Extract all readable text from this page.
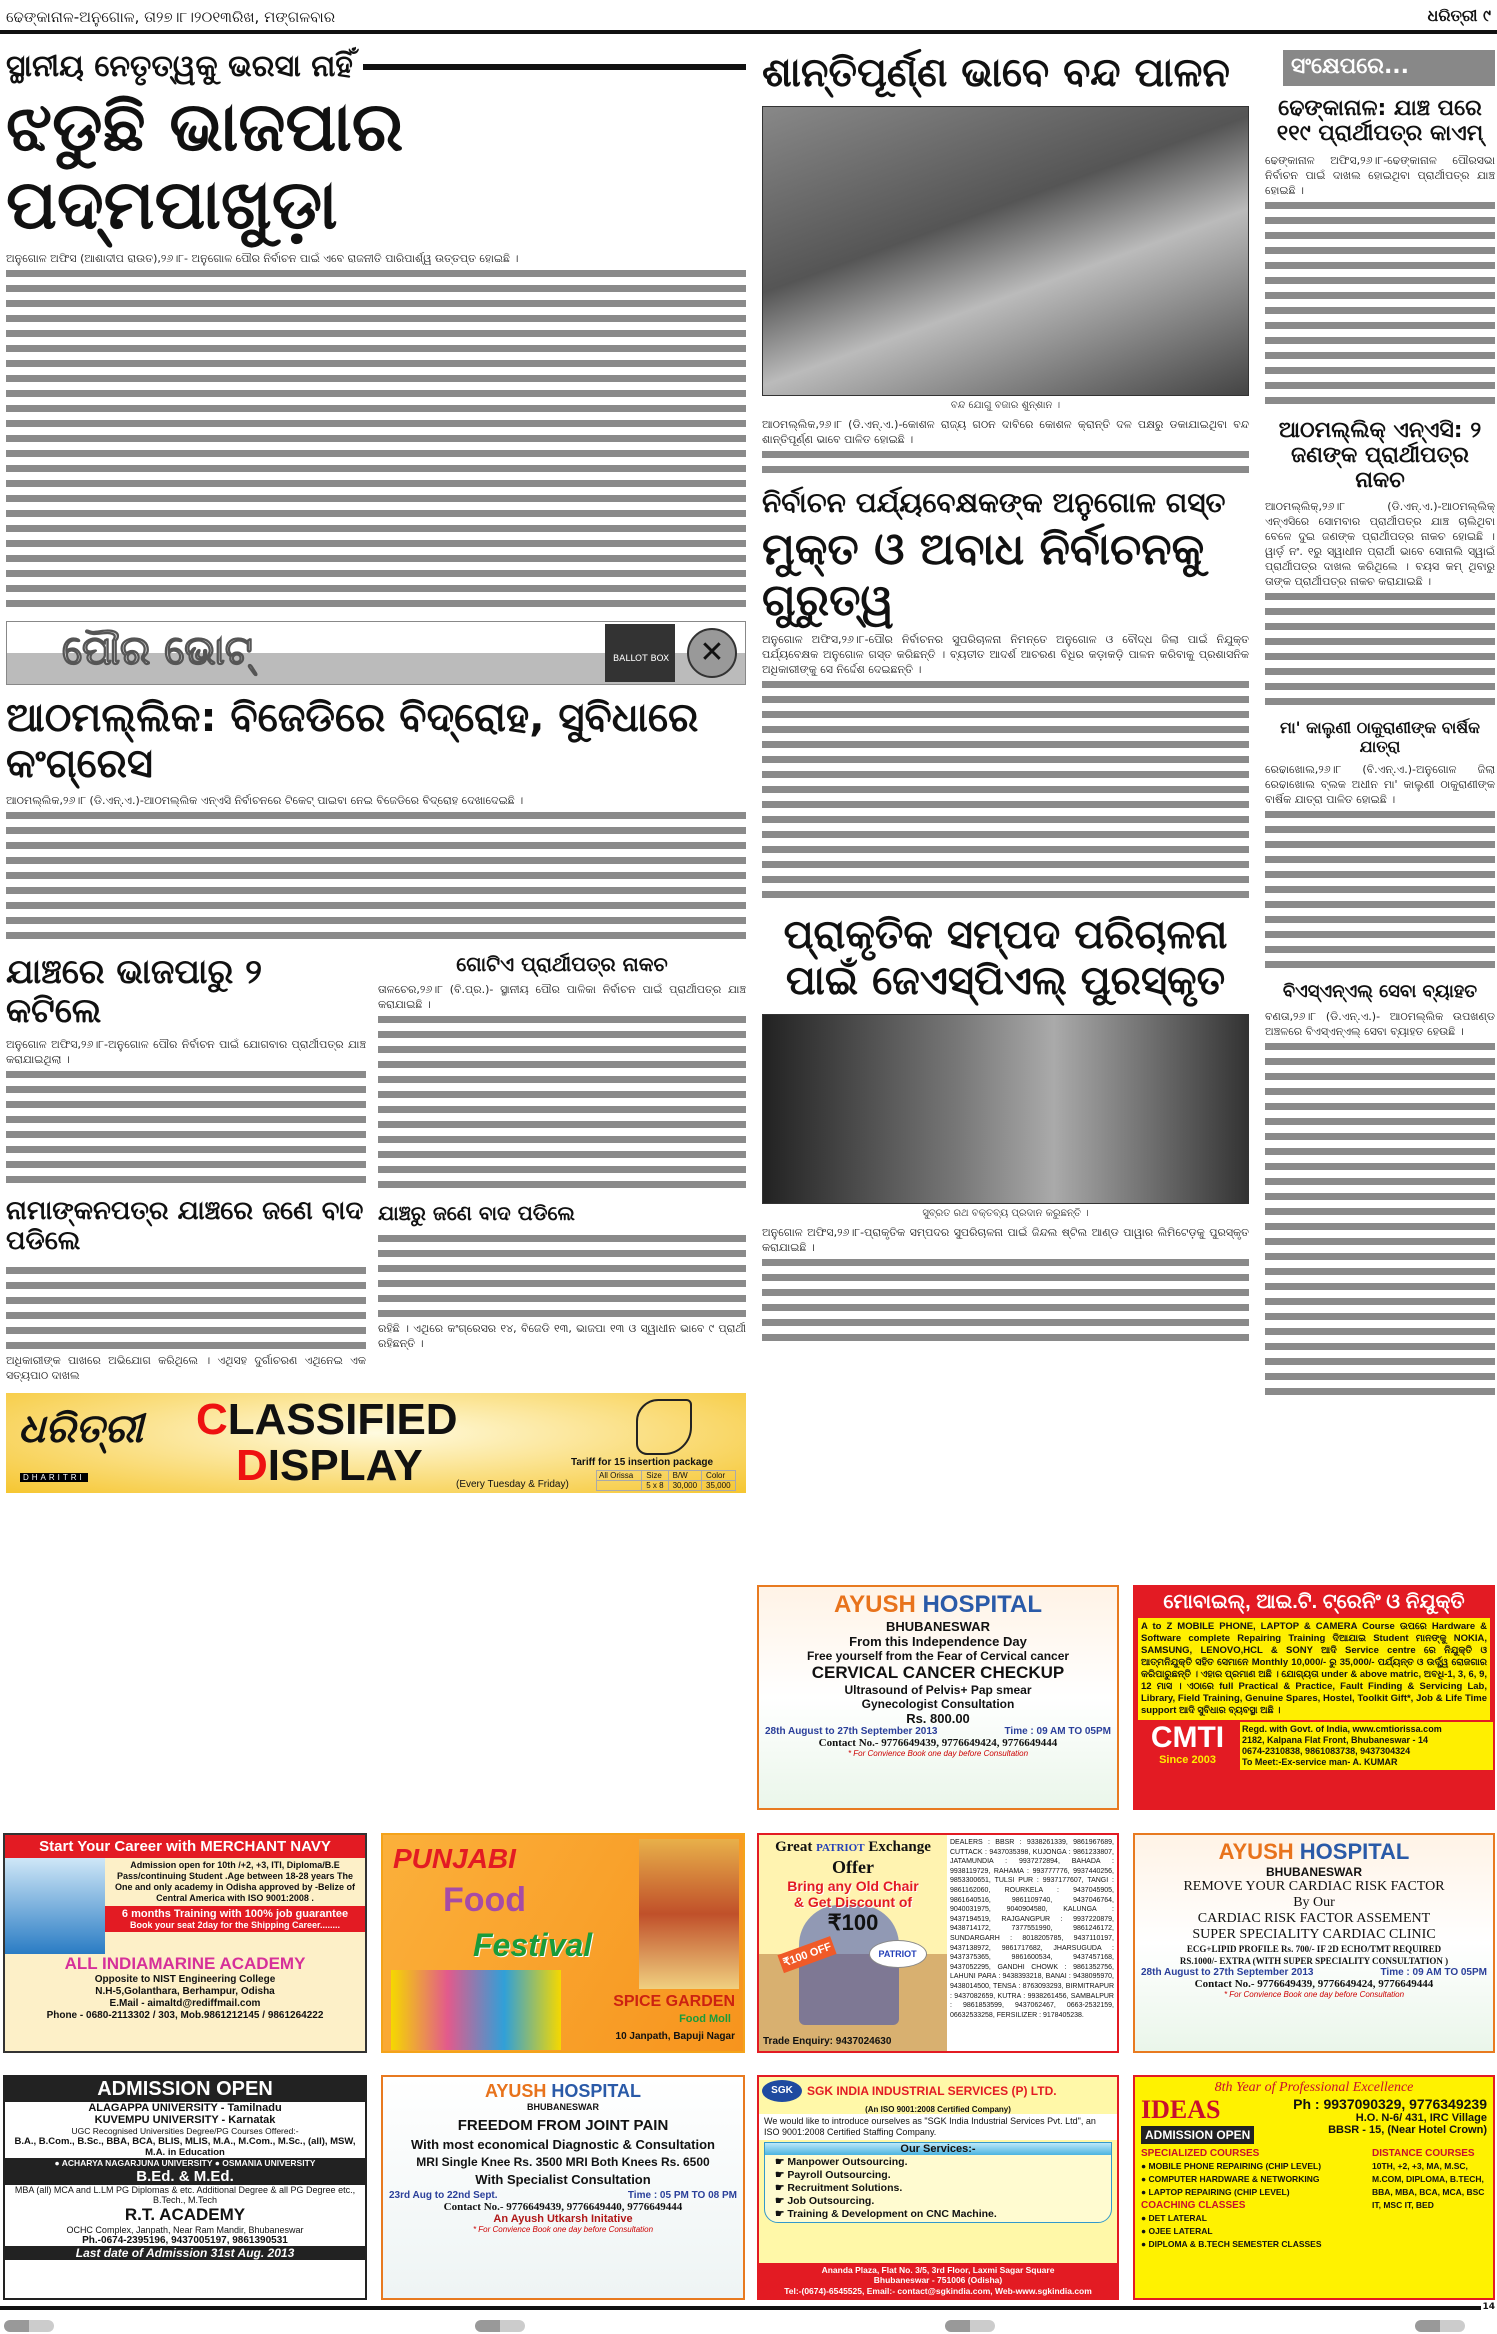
ଢେଙ୍କାନାଳ-ଅନୁଗୋଳ, ତା୨୭।୮।୨୦୧୩ରିଖ, ମଙ୍ଗଳବାର	ଧରିତ୍ରୀ ୯
ସ୍ଥାନୀୟ ନେତୃତ୍ୱକୁ ଭରସା ନାହିଁ
ଝଡୁଛି ଭାଜପାର ପଦ୍ମପାଖୁଡ଼ା
ଅନୁଗୋଳ ଅଫିସ (ଆଶାଦୀପ ରାଉତ),୨୬।୮- ଅନୁଗୋଳ ପୌର ନିର୍ବାଚନ ପାଇଁ ଏବେ ରାଜନୀତି ପାରିପାର୍ଶ୍ୱ ଉତ୍ତପ୍ତ ହୋଇଛି ।
ପୌର ଭୋଟ୍	BALLOT BOX	✕
ଆଠମଲ୍ଲିକ: ବିଜେଡିରେ ବିଦ୍ରୋହ, ସୁବିଧାରେ କଂଗ୍ରେସ
ଆଠମଲ୍ଲିକ,୨୬।୮ (ଡି.ଏନ୍.ଏ.)-ଆଠମଲ୍ଲିକ ଏନ୍‌ଏସି ନିର୍ବାଚନରେ ଟିକେଟ୍ ପାଇବା ନେଇ ବିଜେଡିରେ ବିଦ୍ରୋହ ଦେଖାଦେଇଛି ।
ଯାଞ୍ଚରେ ଭାଜପାରୁ ୨ କଟିଲେ
ଅନୁଗୋଳ ଅଫିସ,୨୬।୮-ଅନୁଗୋଳ ପୌର ନିର୍ବାଚନ ପାଇଁ ଯୋଗବାର ପ୍ରାର୍ଥୀପତ୍ର ଯାଞ୍ଚ କରାଯାଇଥିଲା ।
ନାମାଙ୍କନପତ୍ର ଯାଞ୍ଚରେ ଜଣେ ବାଦ ପଡିଲେ
ଅଧିକାରୀଙ୍କ ପାଖରେ ଅଭିଯୋଗ କରିଥିଲେ । ଏଥିସହ ଦୁର୍ଗାଚରଣ ଏଥିନେଇ ଏକ ସତ୍ୟପାଠ ଦାଖଲ
ଗୋଟିଏ ପ୍ରାର୍ଥୀପତ୍ର ନାକଚ
ତାଳଚେର,୨୬।୮ (ବି.ପ୍ର.)- ସ୍ଥାନୀୟ ପୌର ପାଳିକା ନିର୍ବାଚନ ପାଇଁ ପ୍ରାର୍ଥୀପତ୍ର ଯାଞ୍ଚ କରାଯାଇଛି ।
ଯାଞ୍ଚରୁ ଜଣେ ବାଦ ପଡିଲେ
ରହିଛି । ଏଥିରେ କଂଗ୍ରେସର ୧୪, ବିଜେଡି ୧୩, ଭାଜପା ୧୩ ଓ ସ୍ୱାଧୀନ ଭାବେ ୯ ପ୍ରାର୍ଥୀ ରହିଛନ୍ତି ।
ଧରିତ୍ରୀ
DHARITRI
CLASSIFIED
DISPLAY	(Every Tuesday & Friday)
Tariff for 15 insertion package
All Orissa	Size	B/W	Color
	5 x 8	30,000	35,000
ଶାନ୍ତିପୂର୍ଣ୍ଣ ଭାବେ ବନ୍ଦ ପାଳନ
ବନ୍ଦ ଯୋଗୁ ବଜାର ଶୁନ୍‌ଶାନ ।
ଆଠମଲ୍ଲିକ,୨୬।୮ (ଡି.ଏନ୍.ଏ.)-କୋଶଳ ରାଜ୍ୟ ଗଠନ ଦାବିରେ କୋଶଳ କ୍ରାନ୍ତି ଦଳ ପକ୍ଷରୁ ଡକାଯାଇଥିବା ବନ୍ଦ ଶାନ୍ତିପୂର୍ଣ୍ଣ ଭାବେ ପାଳିତ ହୋଇଛି ।
ନିର୍ବାଚନ ପର୍ଯ୍ୟବେକ୍ଷକଙ୍କ ଅନୁଗୋଳ ଗସ୍ତ
ମୁକ୍ତ ଓ ଅବାଧ ନିର୍ବାଚନକୁ ଗୁରୁତ୍ୱ
ଅନୁଗୋଳ ଅଫିସ,୨୬।୮-ପୌର ନିର୍ବାଚନର ସୁପରିଚାଳନା ନିମନ୍ତେ ଅନୁଗୋଳ ଓ ବୌଦ୍ଧ ଜିଲା ପାଇଁ ନିଯୁକ୍ତ ପର୍ଯ୍ୟବେକ୍ଷକ ଅନୁଗୋଳ ଗସ୍ତ କରିଛନ୍ତି । ବ୍ୟତୀତ ଆଦର୍ଶ ଆଚରଣ ବିଧିର କଡ଼ାକଡ଼ି ପାଳନ କରିବାକୁ ପ୍ରଶାସନିକ ଅଧିକାରୀଙ୍କୁ ସେ ନିର୍ଦ୍ଦେଶ ଦେଇଛନ୍ତି ।
ପ୍ରାକୃତିକ ସମ୍ପଦ ପରିଚାଳନା ପାଇଁ ଜେଏସ୍‌ପିଏଲ୍ ପୁରସ୍କୃତ
ସୁବ୍ରତ ରଥ ବକ୍ତବ୍ୟ ପ୍ରଦାନ କରୁଛନ୍ତି ।
ଅନୁଗୋଳ ଅଫିସ,୨୬।୮-ପ୍ରାକୃତିକ ସମ୍ପଦର ସୁପରିଚାଳନା ପାଇଁ ଜିନ୍ଦଲ ଷ୍ଟିଲ ଆଣ୍ଡ ପାୱାର ଲିମିଟେଡ଼କୁ ପୁରସ୍କୃତ କରାଯାଇଛି ।
ସଂକ୍ଷେପରେ...
ଢେଙ୍କାନାଳ: ଯାଞ୍ଚ ପରେ ୧୧୯ ପ୍ରାର୍ଥୀପତ୍ର କାଏମ୍
ଢେଙ୍କାନାଳ ଅଫିସ,୨୬।୮-ଢେଙ୍କାନାଳ ପୌରସଭା ନିର୍ବାଚନ ପାଇଁ ଦାଖଲ ହୋଇଥିବା ପ୍ରାର୍ଥୀପତ୍ର ଯାଞ୍ଚ ହୋଇଛି ।
ଆଠମଲ୍ଲିକ୍ ଏନ୍‌ଏସି: ୨ ଜଣଙ୍କ ପ୍ରାର୍ଥୀପତ୍ର ନାକଚ
ଆଠମଲ୍ଲିକ୍,୨୬।୮ (ଡି.ଏନ୍.ଏ.)-ଆଠମଲ୍ଲିକ୍ ଏନ୍‌ଏସିରେ ସୋମବାର ପ୍ରାର୍ଥୀପତ୍ର ଯାଞ୍ଚ ଚାଲିଥିବା ବେଳେ ଦୁଇ ଜଣଙ୍କ ପ୍ରାର୍ଥୀପତ୍ର ନାକଚ ହୋଇଛି । ୱାର୍ଡ଼ ନଂ. ୧ରୁ ସ୍ୱାଧୀନ ପ୍ରାର୍ଥୀ ଭାବେ ସୋନାଲି ସ୍ୱାଇଁ ପ୍ରାର୍ଥୀପତ୍ର ଦାଖଲ କରିଥିଲେ । ବୟସ କମ୍ ଥିବାରୁ ତାଙ୍କ ପ୍ରାର୍ଥୀପତ୍ର ନାକଚ କରାଯାଇଛି ।
ମା' କାଲୁଣୀ ଠାକୁରାଣୀଙ୍କ ବାର୍ଷିକ ଯାତ୍ରା
ରେଢାଖୋଲ,୨୬।୮ (ବି.ଏନ୍.ଏ.)-ଅନୁଗୋଳ ଜିଲା ରେଢାଖୋଲ ବ୍ଲକ ଅଧୀନ ମା' କାଲୁଣୀ ଠାକୁରାଣୀଙ୍କ ବାର୍ଷିକ ଯାତ୍ରା ପାଳିତ ହୋଇଛି ।
ବିଏସ୍‌ଏନ୍‌ଏଲ୍ ସେବା ବ୍ୟାହତ
ବଣତା,୨୬।୮ (ଡି.ଏନ୍.ଏ.)- ଆଠମଲ୍ଲିକ ଉପଖଣ୍ଡ ଅଞ୍ଚଳରେ ବିଏସ୍‌ଏନ୍‌ଏଲ୍ ସେବା ବ୍ୟାହତ ହେଉଛି ।
AYUSH HOSPITAL
BHUBANESWAR
From this Independence Day
Free yourself from the Fear of Cervical cancer
CERVICAL CANCER CHECKUP
Ultrasound of Pelvis+ Pap smear
Gynecologist Consultation
Rs. 800.00
28th August to 27th September 2013	Time : 09 AM TO 05PM
Contact No.- 9776649439, 9776649424, 9776649444
* For Convience Book one day before Consultation
ମୋବାଇଲ୍, ଆଇ.ଟି. ଟ୍ରେନିଂ ଓ ନିଯୁକ୍ତି
A to Z MOBILE PHONE, LAPTOP & CAMERA Course ଉପରେ Hardware & Software complete Repairing Training ଦିଆଯାଇ Student ମାନଙ୍କୁ NOKIA, SAMSUNG, LENOVO,HCL & SONY ଆଦି Service centre ରେ ନିଯୁକ୍ତି ଓ ଆତ୍ମନିଯୁକ୍ତି ସହିତ ସେମାନେ Monthly 10,000/- ରୁ 35,000/- ପର୍ଯ୍ୟନ୍ତ ଓ ଉର୍ଦ୍ଧ୍ୱ ରୋଜଗାର କରିପାରୁଛନ୍ତି । ଏହାର ପ୍ରମାଣ ଅଛି । ଯୋଗ୍ୟତା under & above matric, ଅବଧି-1, 3, 6, 9, 12 ମାସ । ଏଠାରେ full Practical & Practice, Fault Finding & Servicing Lab, Library, Field Training, Genuine Spares, Hostel, Toolkit Gift*, Job & Life Time support ଆଦି ସୁବିଧାର ବ୍ୟବସ୍ଥା ଅଛି ।
CMTI
Since 2003
Regd. with Govt. of India, www.cmtiorissa.com
2182, Kalpana Flat Front, Bhubaneswar - 14
0674-2310838, 9861083738, 9437304324
To Meet:-Ex-service man- A. KUMAR
Start Your Career with MERCHANT NAVY
Admission open for 10th /+2, +3, ITI, Diploma/B.E Pass/continuing Student .Age between 18-28 years The One and only academy in Odisha approved by -Belize of Central America with ISO 9001:2008 .
6 months Training with 100% job guarantee
Book your seat 2day for the Shipping Career........
ALL INDIAMARINE ACADEMY
Opposite to NIST Engineering College
N.H-5,Golanthara, Berhampur, Odisha
E.Mail - aimaltd@rediffmail.com
Phone - 0680-2113302 / 303, Mob.9861212145 / 9861264222
PUNJABI
Food
Festival
SPICE GARDEN
Food Moll
10 Janpath, Bapuji Nagar
Great PATRIOT Exchange
Offer
Bring any Old Chair
& Get Discount of
₹100
₹100 OFF	PATRIOT
Trade Enquiry: 9437024630
DEALERS : BBSR : 9338261339, 9861967689, CUTTACK : 9437035398, KUJONGA : 9861233807, JATAMUNDIA : 9937272894, BAHADA : 9938119729, RAHAMA : 993777776, 9937440256, 9853300651, TULSI PUR : 9937177607, TANGI : 9861162060, ROURKELA : 9437045905, 9861640516, 9861109740, 9437046764, 9040031975, 9040904580, KALUNGA : 9437194519, RAJGANGPUR : 9937220879, 9438714172, 7377551990, 9861246172, SUNDARGARH : 8018205785, 9437110197, 9437138972, 9861717682, JHARSUGUDA : 9437375365, 9861600534, 9437457168, 9437052295, GANDHI CHOWK : 9861352756, LAHUNI PARA : 9438393218, BANAI : 9438095970, 9438014500, TENSA : 8763093293, BIRMITRAPUR : 9437082659, KUTRA : 9938261456, SAMBALPUR : 9861853599, 9437062467, 0663-2532159, 06632533258, FERSILIZER : 9178405238.
AYUSH HOSPITAL
BHUBANESWAR
REMOVE YOUR CARDIAC RISK FACTOR
By Our
CARDIAC RISK FACTOR ASSEMENT
SUPER SPECIALITY CARDIAC CLINIC
ECG+LIPID PROFILE Rs. 700/- IF 2D ECHO/TMT REQUIRED
RS.1000/- EXTRA (WITH SUPER SPECIALITY CONSULTATION )
28th August to 27th September 2013	Time : 09 AM TO 05PM
Contact No.- 9776649439, 9776649424, 9776649444
* For Convience Book one day before Consultation
ADMISSION OPEN
ALAGAPPA UNIVERSITY - Tamilnadu
KUVEMPU UNIVERSITY - Karnatak
UGC Recognised Universities Degree/PG Courses Offered:-
B.A., B.Com., B.Sc., BBA, BCA, BLIS, MLIS, M.A., M.Com., M.Sc., (all), MSW, M.A. in Education
● ACHARYA NAGARJUNA UNIVERSITY ● OSMANIA UNIVERSITY
B.Ed. & M.Ed.
MBA (all) MCA and L.LM PG Diplomas & etc. Additional Degree & all PG Degree etc., B.Tech., M.Tech
R.T. ACADEMY
OCHC Complex, Janpath, Near Ram Mandir, Bhubaneswar
Ph.-0674-2395196, 9437005197, 9861390531
Last date of Admission 31st Aug. 2013
AYUSH HOSPITAL
BHUBANESWAR
FREEDOM FROM JOINT PAIN
With most economical Diagnostic & Consultation
MRI Single Knee Rs. 3500 MRI Both Knees Rs. 6500
With Specialist Consultation
23rd Aug to 22nd Sept.	Time : 05 PM TO 08 PM
Contact No.- 9776649439, 9776649440, 9776649444
An Ayush Utkarsh Initative
* For Convience Book one day before Consultation
SGK	SGK INDIA INDUSTRIAL SERVICES (P) LTD.
(An ISO 9001:2008 Certified Company)
We would like to introduce ourselves as "SGK India Industrial Services Pvt. Ltd", an ISO 9001:2008 Certified Staffing Company.
Our Services:-
☛ Manpower Outsourcing.
☛ Payroll Outsourcing.
☛ Recruitment Solutions.
☛ Job Outsourcing.
☛ Training & Development on CNC Machine.
Ananda Plaza, Flat No. 3/5, 3rd Floor, Laxmi Sagar Square
Bhubaneswar - 751006 (Odisha)
Tel:-(0674)-6545525, Email:- contact@sgkindia.com, Web-www.sgkindia.com
8th Year of Professional Excellence
IDEAS
ADMISSION OPEN
Ph : 9937090329, 9776349239
H.O. N-6/ 431, IRC Village
BBSR - 15, (Near Hotel Crown)
SPECIALIZED COURSES
● MOBILE PHONE REPAIRING (CHIP LEVEL)
● COMPUTER HARDWARE & NETWORKING
● LAPTOP REPAIRING (CHIP LEVEL)
COACHING CLASSES
● DET LATERAL
● OJEE LATERAL
● DIPLOMA & B.TECH SEMESTER CLASSES
DISTANCE COURSES
10TH, +2, +3, MA, M.SC, M.COM, DIPLOMA, B.TECH, BBA, MBA, BCA, MCA, BSC IT, MSC IT, BED
14
